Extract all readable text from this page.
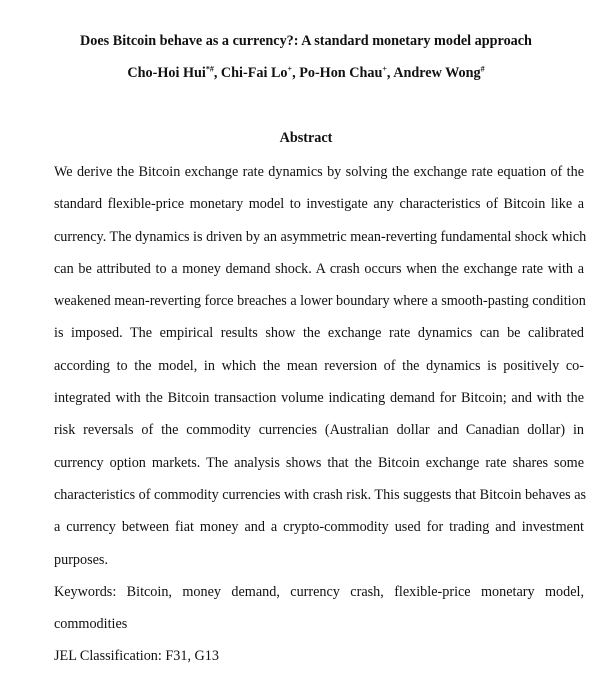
Does Bitcoin behave as a currency?: A standard monetary model approach
Cho-Hoi Hui*#, Chi-Fai Lo+, Po-Hon Chau+, Andrew Wong#
Abstract
We derive the Bitcoin exchange rate dynamics by solving the exchange rate equation of the
standard flexible-price monetary model to investigate any characteristics of Bitcoin like a
currency. The dynamics is driven by an asymmetric mean-reverting fundamental shock which
can be attributed to a money demand shock. A crash occurs when the exchange rate with a
weakened mean-reverting force breaches a lower boundary where a smooth-pasting condition
is imposed. The empirical results show the exchange rate dynamics can be calibrated
according to the model, in which the mean reversion of the dynamics is positively co-
integrated with the Bitcoin transaction volume indicating demand for Bitcoin; and with the
risk reversals of the commodity currencies (Australian dollar and Canadian dollar) in
currency option markets. The analysis shows that the Bitcoin exchange rate shares some
characteristics of commodity currencies with crash risk. This suggests that Bitcoin behaves as
a currency between fiat money and a crypto-commodity used for trading and investment
purposes.
Keywords: Bitcoin, money demand, currency crash, flexible-price monetary model,
commodities
JEL Classification: F31, G13
